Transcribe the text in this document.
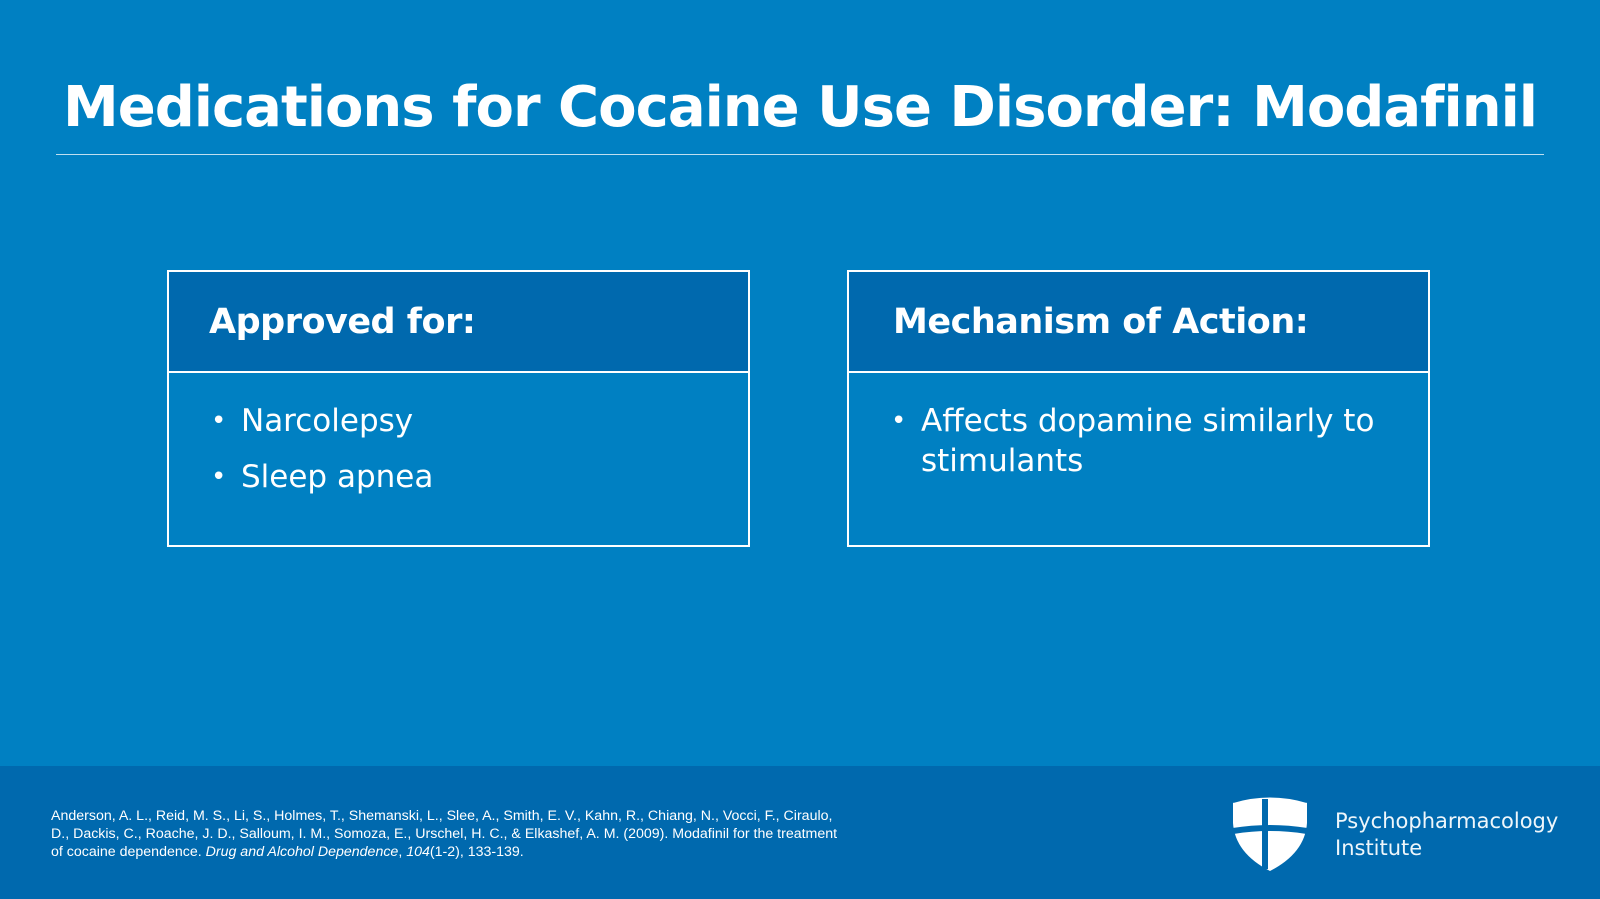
Medications for Cocaine Use Disorder: Modafinil
Approved for:
• Narcolepsy
• Sleep apnea
Mechanism of Action:
• Affects dopamine similarly to stimulants
Anderson, A. L., Reid, M. S., Li, S., Holmes, T., Shemanski, L., Slee, A., Smith, E. V., Kahn, R., Chiang, N., Vocci, F., Ciraulo, D., Dackis, C., Roache, J. D., Salloum, I. M., Somoza, E., Urschel, H. C., & Elkashef, A. M. (2009). Modafinil for the treatment of cocaine dependence. Drug and Alcohol Dependence, 104(1-2), 133-139.
Psychopharmacology
Institute
